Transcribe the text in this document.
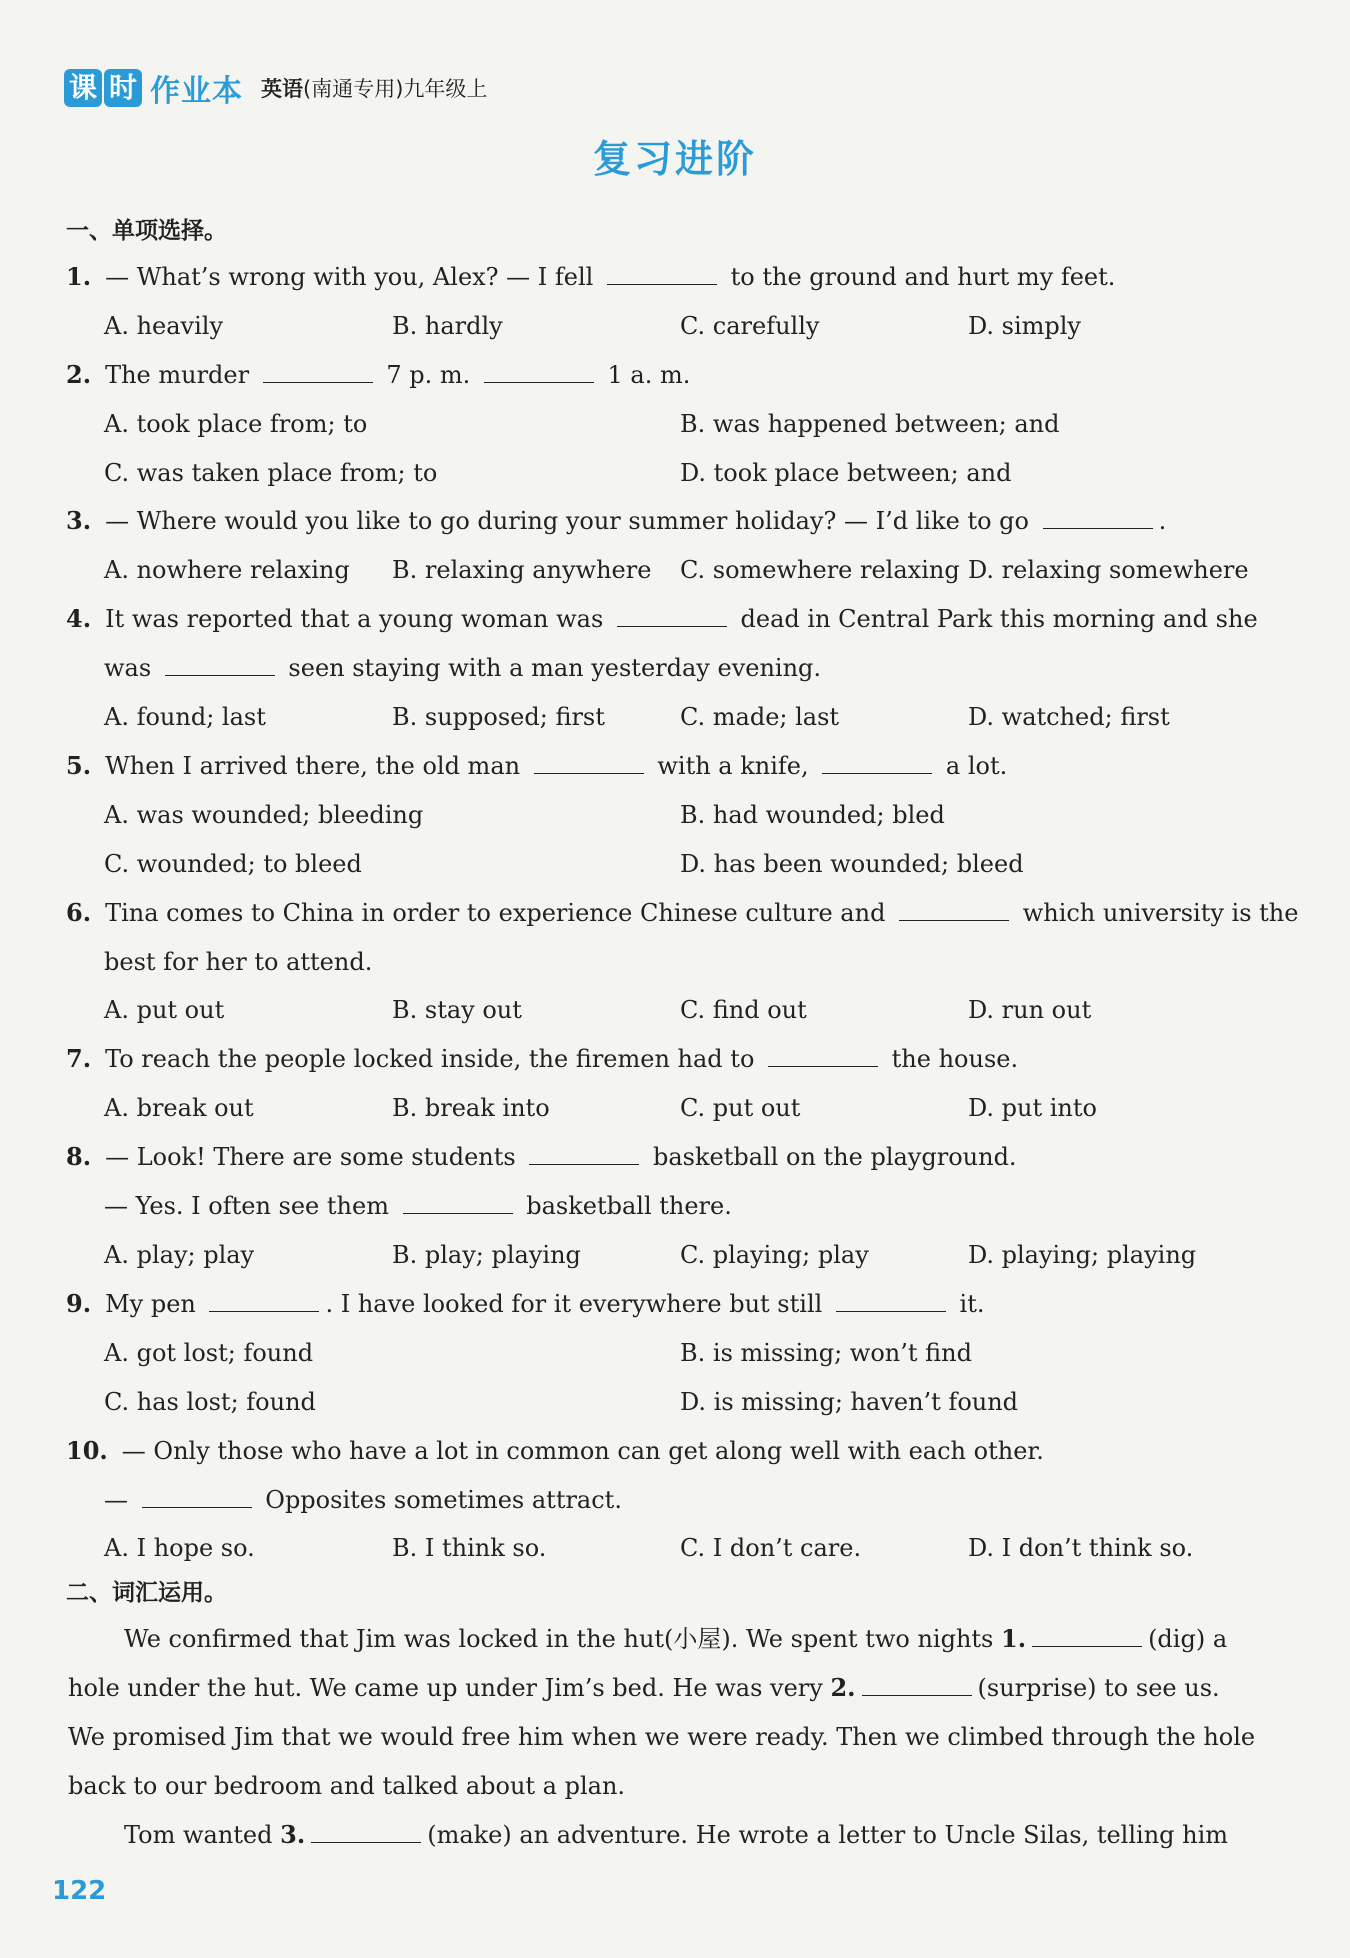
课 时 作业本 英语(南通专用)九年级上
复习进阶
一、单项选择。
1. — What’s wrong with you, Alex? — I fell	to the ground and hurt my feet.
A. heavily	B. hardly	C. carefully	D. simply
2. The murder	7 p. m.	1 a. m.
A. took place from; to	B. was happened between; and
C. was taken place from; to	D. took place between; and
3. — Where would you like to go during your summer holiday? — I’d like to go	.
A. nowhere relaxing B. relaxing anywhere C. somewhere relaxing D. relaxing somewhere
4. It was reported that a young woman was	dead in Central Park this morning and she
was	seen staying with a man yesterday evening.
A. found; last	B. supposed; first	C. made; last	D. watched; first
5. When I arrived there, the old man	with a knife,	a lot.
A. was wounded; bleeding	B. had wounded; bled
C. wounded; to bleed	D. has been wounded; bleed
6. Tina comes to China in order to experience Chinese culture and	which university is the
best for her to attend.
A. put out	B. stay out	C. find out	D. run out
7. To reach the people locked inside, the firemen had to	the house.
A. break out	B. break into	C. put out	D. put into
8. — Look! There are some students	basketball on the playground.
— Yes. I often see them	basketball there.
A. play; play	B. play; playing	C. playing; play	D. playing; playing
9. My pen	. I have looked for it everywhere but still	it.
A. got lost; found	B. is missing; won’t find
C. has lost; found	D. is missing; haven’t found
10. — Only those who have a lot in common can get along well with each other.
—	Opposites sometimes attract.
A. I hope so.	B. I think so.	C. I don’t care.	D. I don’t think so.
二、词汇运用。
We confirmed that Jim was locked in the hut(小屋). We spent two nights 1.	(dig) a
hole under the hut. We came up under Jim’s bed. He was very 2.	(surprise) to see us.
We promised Jim that we would free him when we were ready. Then we climbed through the hole
back to our bedroom and talked about a plan.
Tom wanted 3.	(make) an adventure. He wrote a letter to Uncle Silas, telling him
122
